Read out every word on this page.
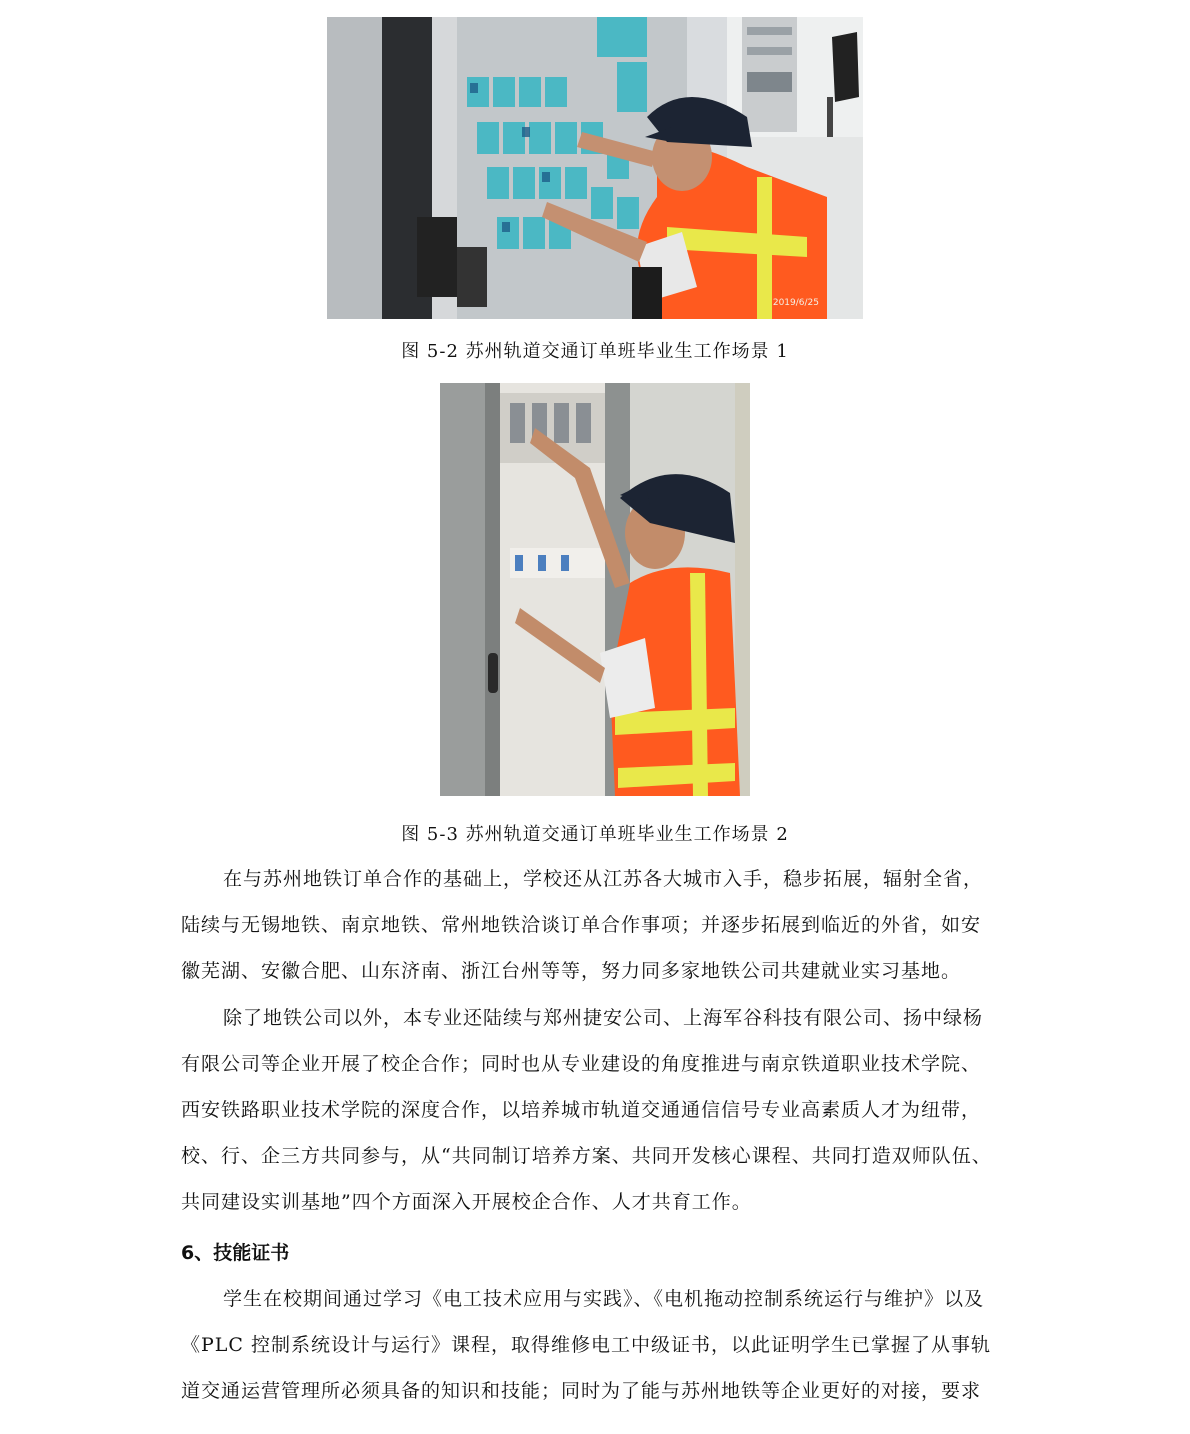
2019/6/25
图 5-2 苏州轨道交通订单班毕业生工作场景 1
图 5-3 苏州轨道交通订单班毕业生工作场景 2
在与苏州地铁订单合作的基础上，学校还从江苏各大城市入手，稳步拓展，辐射全省，
陆续与无锡地铁、南京地铁、常州地铁洽谈订单合作事项；并逐步拓展到临近的外省，如安
徽芜湖、安徽合肥、山东济南、浙江台州等等，努力同多家地铁公司共建就业实习基地。
除了地铁公司以外，本专业还陆续与郑州捷安公司、上海军谷科技有限公司、扬中绿杨
有限公司等企业开展了校企合作；同时也从专业建设的角度推进与南京铁道职业技术学院、
西安铁路职业技术学院的深度合作，以培养城市轨道交通通信信号专业高素质人才为纽带，
校、行、企三方共同参与，从“共同制订培养方案、共同开发核心课程、共同打造双师队伍、
共同建设实训基地”四个方面深入开展校企合作、人才共育工作。
6、技能证书
学生在校期间通过学习《电工技术应用与实践》、《电机拖动控制系统运行与维护》以及
《PLC 控制系统设计与运行》课程，取得维修电工中级证书，以此证明学生已掌握了从事轨
道交通运营管理所必须具备的知识和技能；同时为了能与苏州地铁等企业更好的对接，要求
